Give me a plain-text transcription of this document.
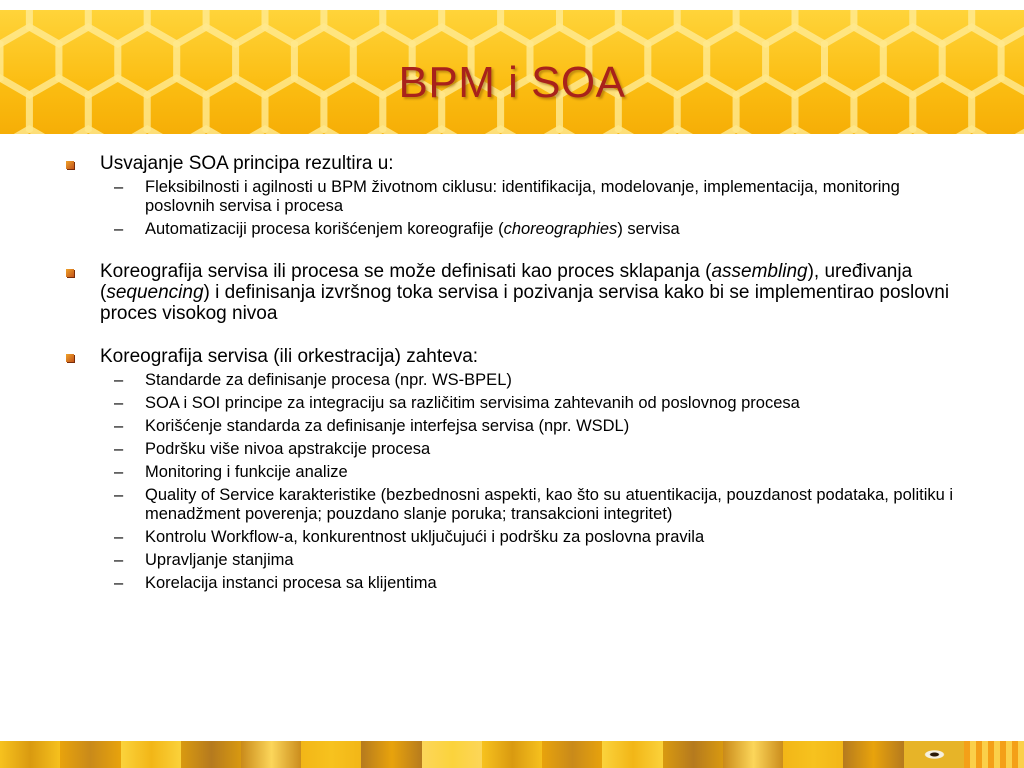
BPM i SOA
Usvajanje SOA principa rezultira u:
– Fleksibilnosti i agilnosti u BPM životnom ciklusu: identifikacija, modelovanje, implementacija, monitoring poslovnih servisa i procesa
– Automatizaciji procesa korišćenjem koreografije (choreographies) servisa
Koreografija servisa ili procesa se može definisati kao proces sklapanja (assembling), uređivanja (sequencing) i definisanja izvršnog toka servisa i pozivanja servisa kako bi se implementirao poslovni proces visokog nivoa
Koreografija servisa (ili orkestracija) zahteva:
– Standarde za definisanje procesa (npr. WS-BPEL)
– SOA i SOI principe za integraciju sa različitim servisima zahtevanih od poslovnog procesa
– Korišćenje standarda za definisanje interfejsa servisa (npr. WSDL)
– Podršku više nivoa apstrakcije procesa
– Monitoring i funkcije analize
– Quality of Service karakteristike (bezbednosni aspekti, kao što su atuentikacija, pouzdanost podataka, politiku i menadžment poverenja; pouzdano slanje poruka; transakcioni integritet)
– Kontrolu Workflow-a, konkurentnost uključujući i podršku za poslovna pravila
– Upravljanje stanjima
– Korelacija instanci procesa sa klijentima
